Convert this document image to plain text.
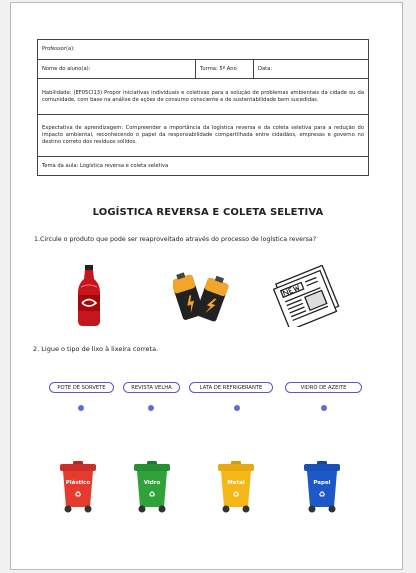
Professor(a):
Nome do aluno(a):	Turma: 5º Ano	Data:
Habilidade: (EF05CI13) Propor iniciativas individuais e coletivas para a solução de problemas ambientais da cidade ou da comunidade, com base na análise de ações de consumo consciente e de sustentabilidade bem sucedidas.
Expectativa de aprendizagem: Compreender a importância da logística reversa e da coleta seletiva para a redução do impacto ambiental, reconhecendo o papel da responsabilidade compartilhada entre cidadãos, empresas e governo no destino correto dos resíduos sólidos.
Tema da aula: Logística reversa e coleta seletiva
LOGÍSTICA REVERSA E COLETA SELETIVA
1.Circule o produto que pode ser reaproveitado através do processo de logística reversa?
2. Ligue o tipo de lixo à lixeira correta.
POTE DE SORVETE	REVISTA VELHA	LATA DE REFRIGERANTE	VIDRO DE AZEITE
Plástico
♻
Vidro
♻
Metal
♻
Papel
♻
